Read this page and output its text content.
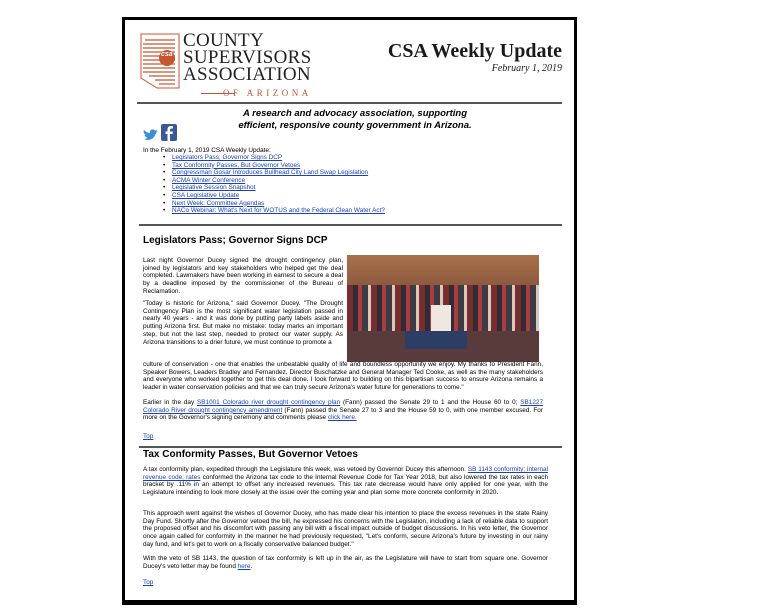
csa
COUNTY
SUPERVISORS
ASSOCIATION
OF ARIZONA
CSA Weekly Update
February 1, 2019
A research and advocacy association, supporting
efficient, responsive county government in Arizona.
In the February 1, 2019 CSA Weekly Update:
• Legislators Pass; Governor Signs DCP
• Tax Conformity Passes, But Governor Vetoes
• Congressman Gosar Introduces Bullhead City Land Swap Legislation
• ACMA Winter Conference
• Legislative Session Snapshot
• CSA Legislative Update
• Next Week: Committee Agendas
• NACo Webinar: What's Next for WOTUS and the Federal Clean Water Act?
Legislators Pass; Governor Signs DCP
Last night Governor Ducey signed the drought contingency plan, joined by legislators and key stakeholders who helped get the deal completed. Lawmakers have been working in earnest to secure a deal by a deadline imposed by the commissioner of the Bureau of Reclamation.
"Today is historic for Arizona," said Governor Ducey. "The Drought Contingency Plan is the most significant water legislation passed in nearly 40 years - and it was done by putting party labels aside and putting Arizona first. But make no mistake: today marks an important step, but not the last step, needed to protect our water supply. As Arizona transitions to a drier future, we must continue to promote a
culture of conservation - one that enables the unbeatable quality of life and boundless opportunity we enjoy. My thanks to President Fann, Speaker Bowers, Leaders Bradley and Fernandez, Director Buschatzke and General Manager Ted Cooke, as well as the many stakeholders and everyone who worked together to get this deal done. I look forward to building on this bipartisan success to ensure Arizona remains a leader in water conservation policies and that we can truly secure Arizona's water future for generations to come."
Earlier in the day SB1001 Colorado river drought contingency plan (Fann) passed the Senate 29 to 1 and the House 60 to 0; SB1227 Colorado River drought contingency amendment (Fann) passed the Senate 27 to 3 and the House 59 to 0, with one member excused. For more on the Governor's signing ceremony and comments please click here.
Top
Tax Conformity Passes, But Governor Vetoes
A tax conformity plan, expedited through the Legislature this week, was vetoed by Governor Ducey this afternoon. SB 1143 conformity; internal revenue code; rates conformed the Arizona tax code to the Internal Revenue Code for Tax Year 2018, but also lowered the tax rates in each bracket by .11% in an attempt to offset any increased revenues. This tax rate decrease would have only applied for one year, with the Legislature intending to look more closely at the issue over the coming year and plan some more concrete conformity in 2020.
This approach went against the wishes of Governor Ducey, who has made clear his intention to place the excess revenues in the state Rainy Day Fund. Shortly after the Governor vetoed the bill, he expressed his concerns with the Legislation, including a lack of reliable data to support the proposed offset and his discomfort with passing any bill with a fiscal impact outside of budget discussions. In his veto letter, the Governor once again called for conformity in the manner he had previously requested, "Let's conform, secure Arizona's future by investing in our rainy day fund, and let's get to work on a fiscally conservative balanced budget."
With the veto of SB 1143, the question of tax conformity is left up in the air, as the Legislature will have to start from square one. Governor Ducey's veto letter may be found here.
Top
